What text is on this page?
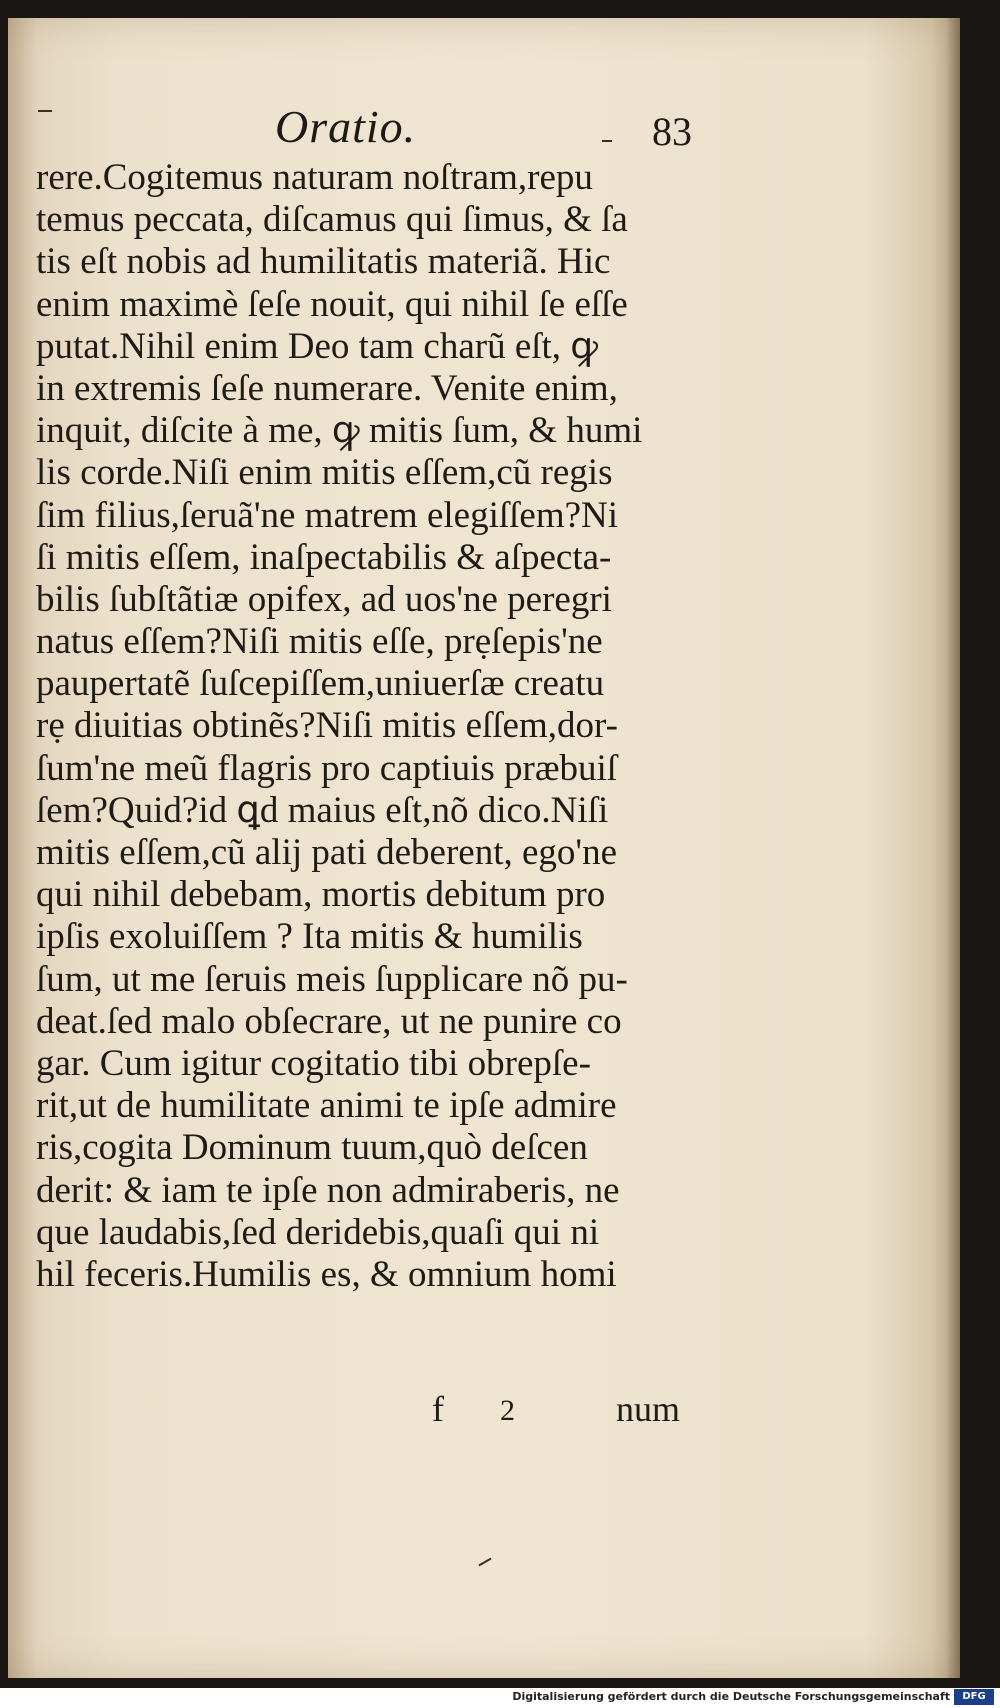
Oratio.	83
rere.Cogitemus naturam noſtram,repu
temus peccata, diſcamus qui ſimus, & ſa
tis eſt nobis ad humilitatis materiã. Hic
enim maximè ſeſe nouit, qui nihil ſe eſſe
putat.Nihil enim Deo tam charũ eſt, ꝙ
in extremis ſeſe numerare. Venite enim,
inquit, diſcite à me, ꝙ mitis ſum, & humi
lis corde.Niſi enim mitis eſſem,cũ regis
ſim filius,ſeruã'ne matrem elegiſſem?Ni
ſi mitis eſſem, inaſpectabilis & aſpecta-
bilis ſubſtãtiæ opifex, ad uos'ne peregri
natus eſſem?Niſi mitis eſſe, prẹſepis'ne
paupertatẽ ſuſcepiſſem,uniuerſæ creatu
rẹ diuitias obtinẽs?Niſi mitis eſſem,dor-
ſum'ne meũ flagris pro captiuis præbuiſ
ſem?Quid?id ꝗd maius eſt,nõ dico.Niſi
mitis eſſem,cũ alij pati deberent, ego'ne
qui nihil debebam, mortis debitum pro
ipſis exoluiſſem ? Ita mitis & humilis
ſum, ut me ſeruis meis ſupplicare nõ pu-
deat.ſed malo obſecrare, ut ne punire co
gar. Cum igitur cogitatio tibi obrepſe-
rit,ut de humilitate animi te ipſe admire
ris,cogita Dominum tuum,quò deſcen
derit: & iam te ipſe non admiraberis, ne
que laudabis,ſed deridebis,quaſi qui ni
hil feceris.Humilis es, & omnium homi
f 2	num
Digitalisierung gefördert durch die Deutsche Forschungsgemeinschaft	DFG
